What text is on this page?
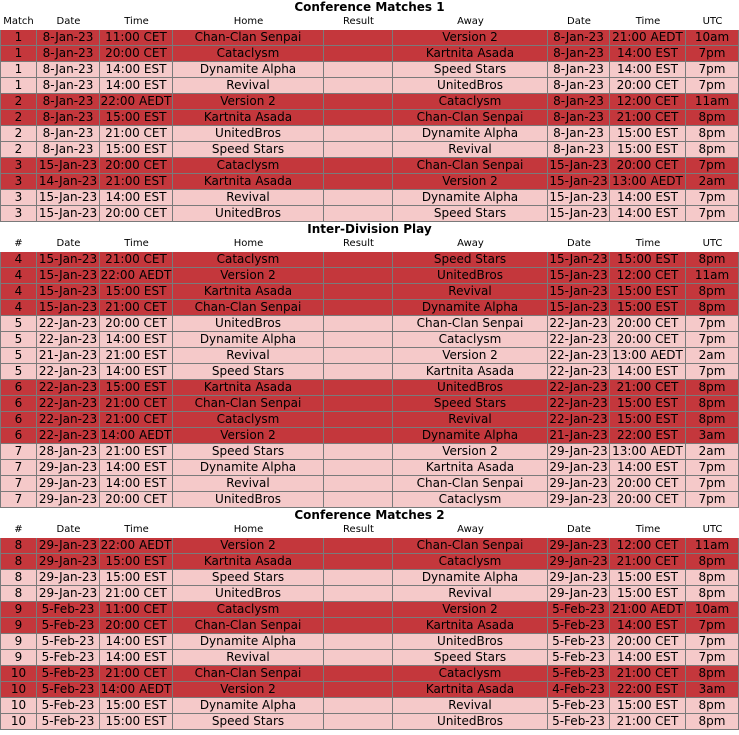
Conference Matches 1
Match	Date	Time	Home	Result	Away	Date	Time	UTC
1	8-Jan-23 11:00 CET	Chan-Clan Senpai	Version 2	8-Jan-23 21:00 AEDT 10am
1	8-Jan-23 20:00 CET	Cataclysm	Kartnita Asada	8-Jan-23	14:00 EST	7pm
1	8-Jan-23	14:00 EST	Dynamite Alpha	Speed Stars	8-Jan-23	14:00 EST	7pm
1	8-Jan-23	14:00 EST	Revival	UnitedBros	8-Jan-23	20:00 CET	7pm
2	8-Jan-23 22:00 AEDT	Version 2	Cataclysm	8-Jan-23	12:00 CET	11am
2	8-Jan-23	15:00 EST	Kartnita Asada	Chan-Clan Senpai	8-Jan-23	21:00 CET	8pm
2	8-Jan-23 21:00 CET	UnitedBros	Dynamite Alpha	8-Jan-23	15:00 EST	8pm
2	8-Jan-23	15:00 EST	Speed Stars	Revival	8-Jan-23	15:00 EST	8pm
3	15-Jan-23 20:00 CET	Cataclysm	Chan-Clan Senpai	15-Jan-23 20:00 CET	7pm
3	14-Jan-23 21:00 EST	Kartnita Asada	Version 2	15-Jan-23 13:00 AEDT	2am
3	15-Jan-23 14:00 EST	Revival	Dynamite Alpha	15-Jan-23 14:00 EST	7pm
3	15-Jan-23 20:00 CET	UnitedBros	Speed Stars	15-Jan-23 14:00 EST	7pm
Inter-Division Play
#	Date	Time	Home	Result	Away	Date	Time	UTC
4	15-Jan-23 21:00 CET	Cataclysm	Speed Stars	15-Jan-23 15:00 EST	8pm
4	15-Jan-23 22:00 AEDT	Version 2	UnitedBros	15-Jan-23 12:00 CET	11am
4	15-Jan-23 15:00 EST	Kartnita Asada	Revival	15-Jan-23 15:00 EST	8pm
4	15-Jan-23 21:00 CET	Chan-Clan Senpai	Dynamite Alpha	15-Jan-23 15:00 EST	8pm
5	22-Jan-23 20:00 CET	UnitedBros	Chan-Clan Senpai	22-Jan-23 20:00 CET	7pm
5	22-Jan-23 14:00 EST	Dynamite Alpha	Cataclysm	22-Jan-23 20:00 CET	7pm
5	21-Jan-23 21:00 EST	Revival	Version 2	22-Jan-23 13:00 AEDT	2am
5	22-Jan-23 14:00 EST	Speed Stars	Kartnita Asada	22-Jan-23 14:00 EST	7pm
6	22-Jan-23 15:00 EST	Kartnita Asada	UnitedBros	22-Jan-23 21:00 CET	8pm
6	22-Jan-23 21:00 CET	Chan-Clan Senpai	Speed Stars	22-Jan-23 15:00 EST	8pm
6	22-Jan-23 21:00 CET	Cataclysm	Revival	22-Jan-23 15:00 EST	8pm
6	22-Jan-23 14:00 AEDT	Version 2	Dynamite Alpha	21-Jan-23 22:00 EST	3am
7	28-Jan-23 21:00 EST	Speed Stars	Version 2	29-Jan-23 13:00 AEDT	2am
7	29-Jan-23 14:00 EST	Dynamite Alpha	Kartnita Asada	29-Jan-23 14:00 EST	7pm
7	29-Jan-23 14:00 EST	Revival	Chan-Clan Senpai	29-Jan-23 20:00 CET	7pm
7	29-Jan-23 20:00 CET	UnitedBros	Cataclysm	29-Jan-23 20:00 CET	7pm
Conference Matches 2
#	Date	Time	Home	Result	Away	Date	Time	UTC
8	29-Jan-23 22:00 AEDT	Version 2	Chan-Clan Senpai	29-Jan-23 12:00 CET	11am
8	29-Jan-23 15:00 EST	Kartnita Asada	Cataclysm	29-Jan-23 21:00 CET	8pm
8	29-Jan-23 15:00 EST	Speed Stars	Dynamite Alpha	29-Jan-23 15:00 EST	8pm
8	29-Jan-23 21:00 CET	UnitedBros	Revival	29-Jan-23 15:00 EST	8pm
9	5-Feb-23 11:00 CET	Cataclysm	Version 2	5-Feb-23 21:00 AEDT 10am
9	5-Feb-23 20:00 CET	Chan-Clan Senpai	Kartnita Asada	5-Feb-23	14:00 EST	7pm
9	5-Feb-23 14:00 EST	Dynamite Alpha	UnitedBros	5-Feb-23 20:00 CET	7pm
9	5-Feb-23 14:00 EST	Revival	Speed Stars	5-Feb-23	14:00 EST	7pm
10	5-Feb-23 21:00 CET	Chan-Clan Senpai	Cataclysm	5-Feb-23 21:00 CET	8pm
10	5-Feb-23 14:00 AEDT	Version 2	Kartnita Asada	4-Feb-23	22:00 EST	3am
10	5-Feb-23 15:00 EST	Dynamite Alpha	Revival	5-Feb-23	15:00 EST	8pm
10	5-Feb-23 15:00 EST	Speed Stars	UnitedBros	5-Feb-23 21:00 CET	8pm
